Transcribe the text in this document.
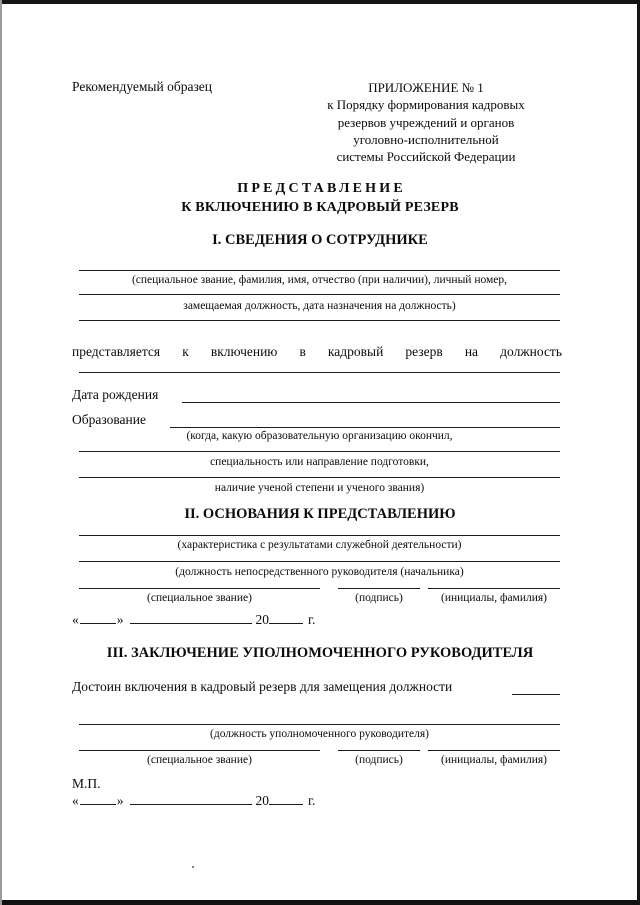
Рекомендуемый образец	ПРИЛОЖЕНИЕ № 1
к Порядку формирования кадровых
резервов учреждений и органов
уголовно-исполнительной
системы Российской Федерации
ПРЕДСТАВЛЕНИЕ
К ВКЛЮЧЕНИЮ В КАДРОВЫЙ РЕЗЕРВ
I. СВЕДЕНИЯ О СОТРУДНИКЕ
(специальное звание, фамилия, имя, отчество (при наличии), личный номер,
замещаемая должность, дата назначения на должность)
представляется к включению в кадровый резерв на должность
Дата рождения
Образование
(когда, какую образовательную организацию окончил,
специальность или направление подготовки,
наличие ученой степени и ученого звания)
II. ОСНОВАНИЯ К ПРЕДСТАВЛЕНИЮ
(характеристика с результатами служебной деятельности)
(должность непосредственного руководителя (начальника)
(специальное звание)	(подпись)	(инициалы, фамилия)
«	»	20	г.
III. ЗАКЛЮЧЕНИЕ УПОЛНОМОЧЕННОГО РУКОВОДИТЕЛЯ
Достоин включения в кадровый резерв для замещения должности
(должность уполномоченного руководителя)
(специальное звание)	(подпись)	(инициалы, фамилия)
М.П.
«	»	20	г.
